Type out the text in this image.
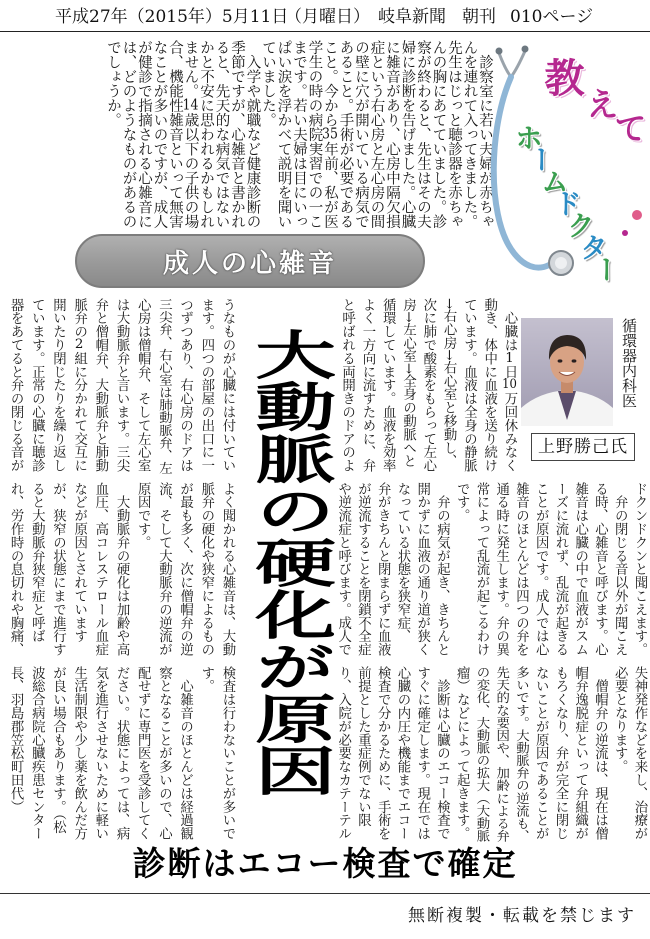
平成27年（2015年）5月11日
（月曜日） 岐阜新聞 朝刊 010ページ
　診察室に若い夫婦が赤ちゃ
んを連れて入ってきました。
先生はじっと聴診器を赤ちゃ
んの胸にあてていました。診
察が終わると、先生はその夫
婦に診断を告げました。心臓
に雑音があり、心房中隔欠損
症という右心房と左心房の間
の壁に穴が開いている病気で
あること。手術が必要である
こと。今から35年前、私が医
学生の時の病院実習での一こ
まです。若い夫婦は目にいっ
ぱい涙を浮かべて説明を聞い
ていました。
　入学や就職など健康診断の
季節ですが、心雑音と書かれ
ると、先天的な病気ではない
かと不安に思われるかもしれ
ません。14歳以下の子供の場
合、機能性雑音といって無害
なことが多いのですが、成人
が健診で指摘される心雑音に
は、どのようなものがあるの
でしょうか。	教
え
て
ホ
ー
ム
ド
ク
タ
ー
成人の心雑音
循環器内科医
上野勝己氏
　心臓は1日10万回休みなく
動き、体中に血液を送り続け
ています。血液は全身の静脈
→右心房→右心室と移動し、
次に肺で酸素をもらって左心
房→左心室→全身の動脈へと
循環しています。血液を効率
よく一方向に流すために、弁
と呼ばれる両開きのドアのよ
うなものが心臓には付いてい
ます。四つの部屋の出口に一
つずつあり、右心房のドアは
三尖弁、右心室は肺動脈弁、左
心房は僧帽弁、そして左心室
は大動脈弁と言います。三尖
弁と僧帽弁、大動脈弁と肺動
脈弁の2組に分かれて交互に
開いたり閉じたりを繰り返し
ています。正常の心臓に聴診
器をあてると弁の閉じる音が
ドクンドクンと聞こえます。
　弁の閉じる音以外が聞こえ
る時、心雑音と呼びます。心
雑音は心臓の中で血液がスム
ーズに流れず、乱流が起きる
ことが原因です。成人では心
雑音のほとんどは四つの弁を
通る時に発生します。弁の異
常によって乱流が起こるわけ
です。
　弁の病気が起き、きちんと
開かずに血液の通り道が狭く
なっている状態を狭窄症、
弁がきちんと閉まらずに血液
が逆流することを閉鎖不全症
や逆流症と呼びます。成人で
よく聞かれる心雑音は、大動
脈弁の硬化や狭窄によるもの
が最も多く、次に僧帽弁の逆
流、そして大動脈弁の逆流が
原因です。
　大動脈弁の硬化は加齢や高
血圧、高コレステロール血症
などが原因とされています
が、狭窄の状態にまで進行す
ると大動脈弁狭窄症と呼ば
れ、労作時の息切れや胸痛、
失神発作などを来し、治療が
必要となります。
　僧帽弁の逆流は、現在は僧
帽弁逸脱症といって弁組織が
もろくなり、弁が完全に閉じ
ないことが原因であることが
多いです。大動脈弁の逆流も、
先天的な要因や、加齢による弁
の変化、大動脈の拡大（大動脈
瘤）などによって起きます。
　診断は心臓のエコー検査で
すぐに確定します。現在では
心臓の内圧や機能までエコー
検査で分かるために、手術を
前提とした重症例でない限
り、入院が必要なカテーテル
検査は行わないことが多いで
す。
　心雑音のほとんどは経過観
察となることが多いので、心
配せずに専門医を受診してく
ださい。状態によっては、病
気を進行させないために軽い
生活制限や少し薬を飲んだ方
が良い場合もあります。（松
波総合病院心臓疾患センター
長、羽島郡笠松町田代）	大動脈の硬化が原因
診断はエコー検査で確定
無断複製・転載を禁じます
